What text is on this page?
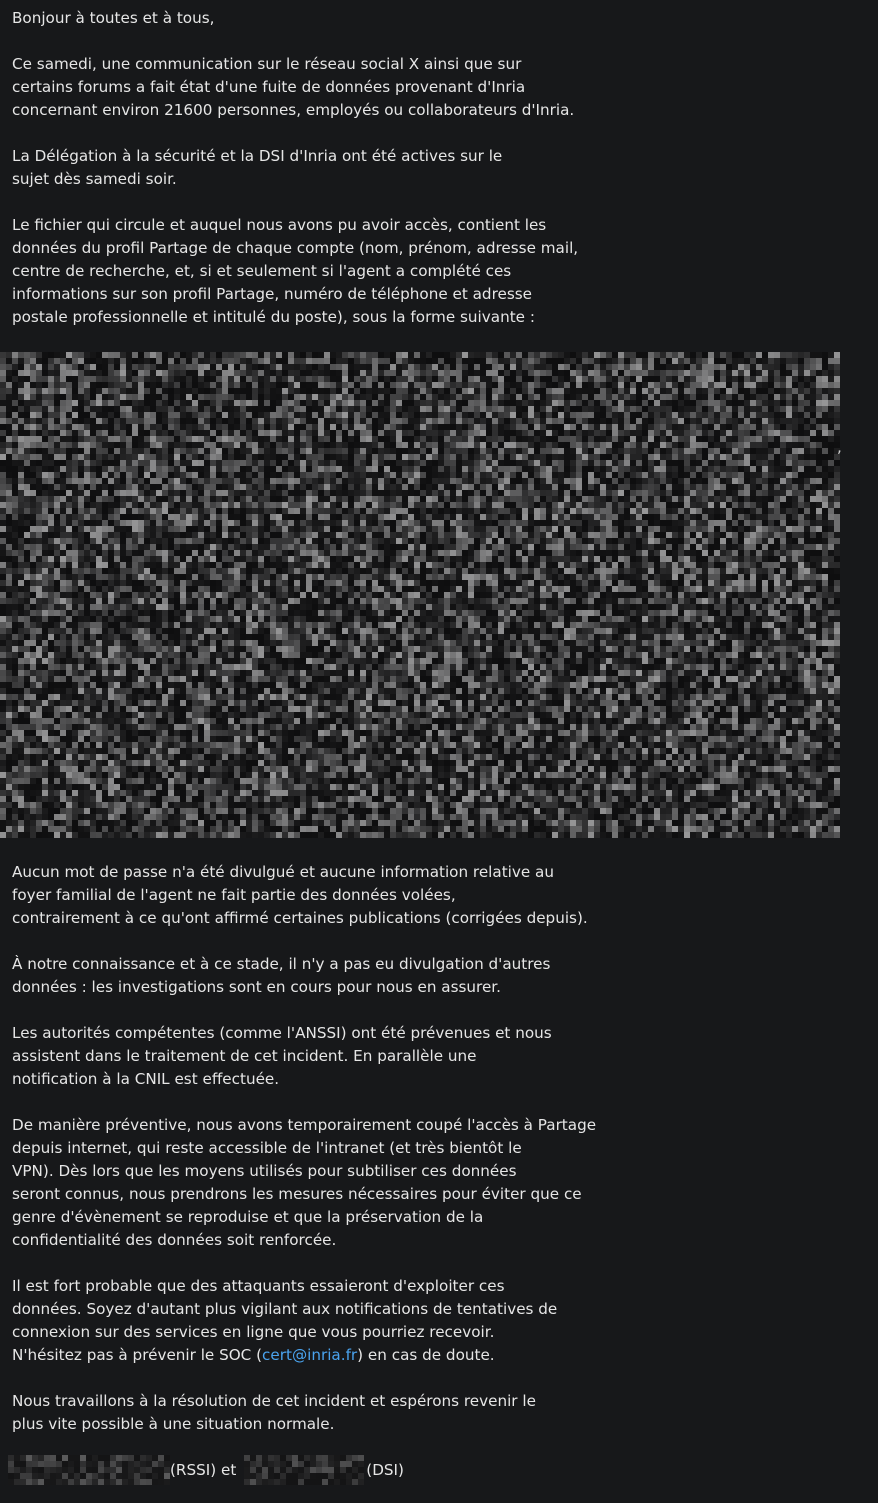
Bonjour à toutes et à tous,

Ce samedi, une communication sur le réseau social X ainsi que sur
certains forums a fait état d'une fuite de données provenant d'Inria
concernant environ 21600 personnes, employés ou collaborateurs d'Inria.

La Délégation à la sécurité et la DSI d'Inria ont été actives sur le
sujet dès samedi soir.

Le fichier qui circule et auquel nous avons pu avoir accès, contient les
données du profil Partage de chaque compte (nom, prénom, adresse mail,
centre de recherche, et, si et seulement si l'agent a complété ces
informations sur son profil Partage, numéro de téléphone et adresse
postale professionnelle et intitulé du poste), sous la forme suivante :

,

Aucun mot de passe n'a été divulgué et aucune information relative au
foyer familial de l'agent ne fait partie des données volées,
contrairement à ce qu'ont affirmé certaines publications (corrigées depuis).

À notre connaissance et à ce stade, il n'y a pas eu divulgation d'autres
données : les investigations sont en cours pour nous en assurer.

Les autorités compétentes (comme l'ANSSI) ont été prévenues et nous
assistent dans le traitement de cet incident. En parallèle une
notification à la CNIL est effectuée.

De manière préventive, nous avons temporairement coupé l'accès à Partage
depuis internet, qui reste accessible de l'intranet (et très bientôt le
VPN). Dès lors que les moyens utilisés pour subtiliser ces données
seront connus, nous prendrons les mesures nécessaires pour éviter que ce
genre d'évènement se reproduise et que la préservation de la
confidentialité des données soit renforcée.

Il est fort probable que des attaquants essaieront d'exploiter ces
données. Soyez d'autant plus vigilant aux notifications de tentatives de
connexion sur des services en ligne que vous pourriez recevoir.
N'hésitez pas à prévenir le SOC (cert@inria.fr) en cas de doute.

Nous travaillons à la résolution de cet incident et espérons revenir le
plus vite possible à une situation normale.

(RSSI) et	(DSI)
